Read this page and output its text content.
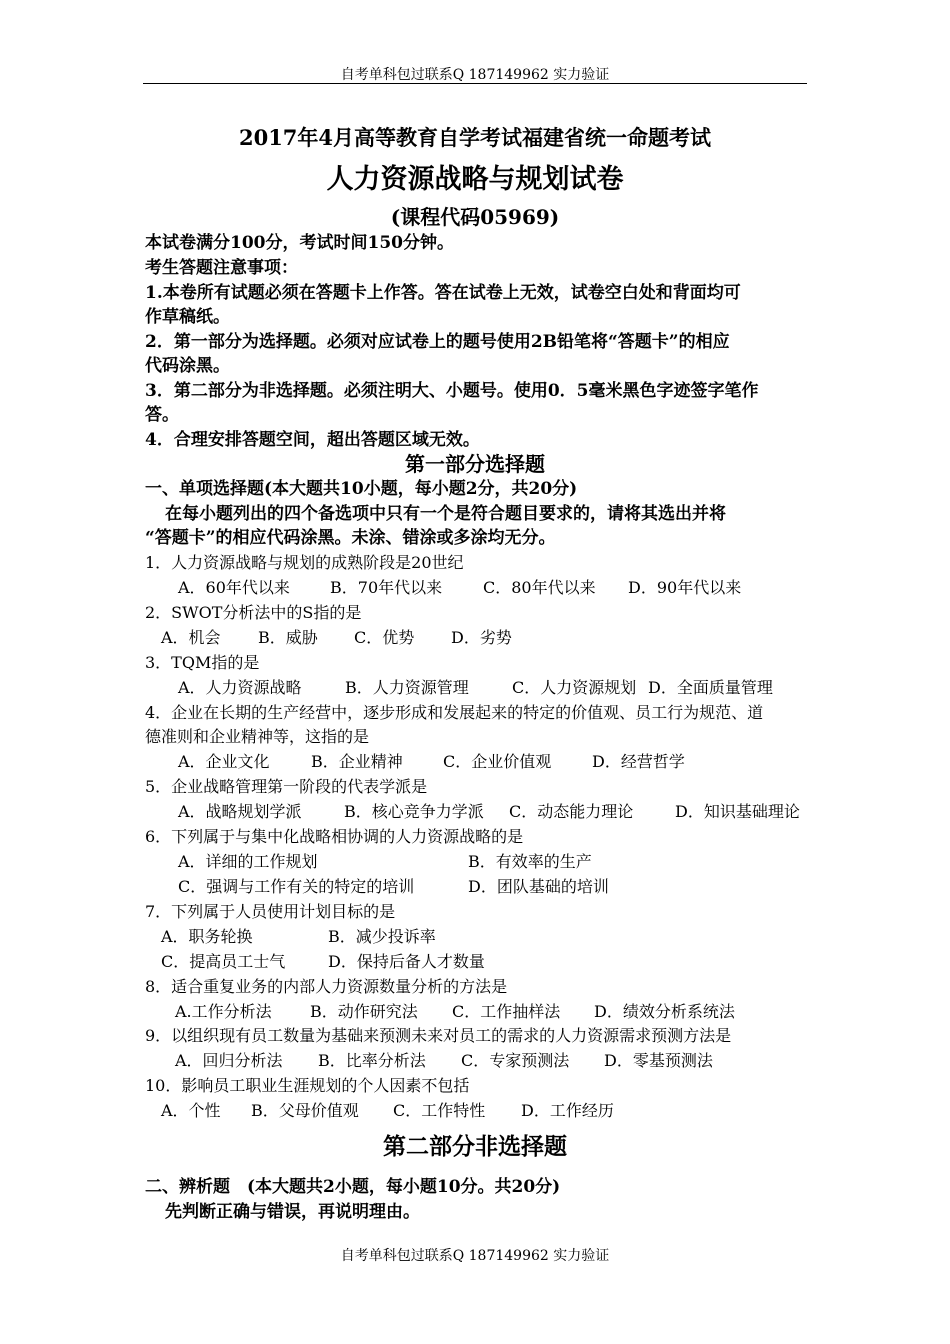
自考单科包过联系Q 187149962 实力验证
2017年4月高等教育自学考试福建省统一命题考试
人力资源战略与规划试卷
(课程代码05969)
本试卷满分100分，考试时间150分钟。
考生答题注意事项：
1.本卷所有试题必须在答题卡上作答。答在试卷上无效，试卷空白处和背面均可
作草稿纸。
2．第一部分为选择题。必须对应试卷上的题号使用2B铅笔将“答题卡”的相应
代码涂黑。
3．第二部分为非选择题。必须注明大、小题号。使用0．5毫米黑色字迹签字笔作
答。
4．合理安排答题空间，超出答题区域无效。
第一部分选择题
一、单项选择题(本大题共10小题，每小题2分，共20分)
在每小题列出的四个备选项中只有一个是符合题目要求的，请将其选出并将
“答题卡”的相应代码涂黑。未涂、错涂或多涂均无分。
1．人力资源战略与规划的成熟阶段是20世纪
A．60年代以来	B．70年代以来	C．80年代以来 D．90年代以来
2．SWOT分析法中的S指的是
A．机会 B．威胁 C．优势 D．劣势
3．TQM指的是
A．人力资源战略	B．人力资源管理	C．人力资源规划 D．全面质量管理
4．企业在长期的生产经营中，逐步形成和发展起来的特定的价值观、员工行为规范、道
德准则和企业精神等，这指的是
A．企业文化	B．企业精神	C．企业价值观	D．经营哲学
5．企业战略管理第一阶段的代表学派是
A．战略规划学派	B．核心竞争力学派 C．动态能力理论	D．知识基础理论
6．下列属于与集中化战略相协调的人力资源战略的是
A．详细的工作规划	B．有效率的生产
C．强调与工作有关的特定的培训	D．团队基础的培训
7．下列属于人员使用计划目标的是
A．职务轮换	B．减少投诉率
C．提高员工士气	D．保持后备人才数量
8．适合重复业务的内部人力资源数量分析的方法是
A.工作分析法 B．动作研究法 C．工作抽样法 D．绩效分析系统法
9．以组织现有员工数量为基础来预测未来对员工的需求的人力资源需求预测方法是
A．回归分析法 B．比率分析法 C．专家预测法 D．零基预测法
10．影响员工职业生涯规划的个人因素不包括
A．个性 B．父母价值观 C．工作特性 D．工作经历
第二部分非选择题
二、辨析题　(本大题共2小题，每小题10分。共20分)
先判断正确与错误，再说明理由。
自考单科包过联系Q 187149962 实力验证
